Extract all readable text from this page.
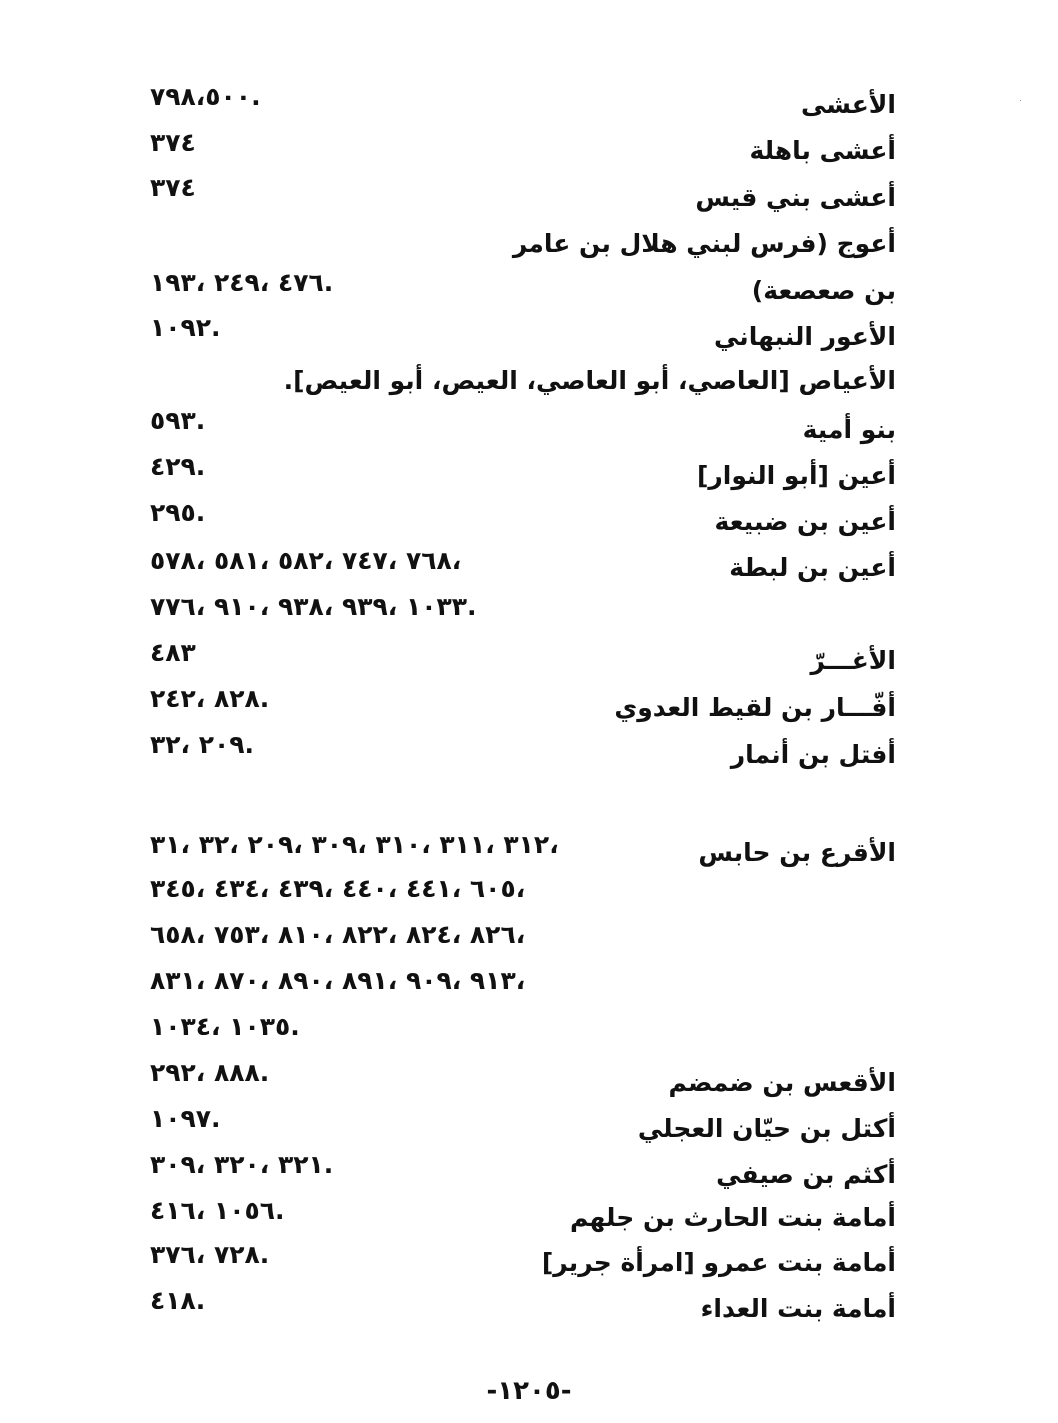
الأعشى
.٧٩٨،٥٠٠
أعشى باهلة
٣٧٤
أعشى بني قيس
٣٧٤
أعوج (فرس لبني هلال بن عامر
بن صعصعة)
.٤٧٦ ،٢٤٩ ،١٩٣
الأعور النبهاني
.١٠٩٢
الأعياص [العاصي، أبو العاصي، العيص، أبو العيص].
بنو أمية
.٥٩٣
أعين [أبو النوار]
.٤٢٩
أعين بن ضبيعة
.٢٩٥
أعين بن لبطة
،٧٦٨ ،٧٤٧ ،٥٨٢ ،٥٨١ ،٥٧٨
.١٠٣٣ ،٩٣٩ ،٩٣٨ ،٩١٠ ،٧٧٦
الأغـــرّ
٤٨٣
أفّـــار بن لقيط العدوي
.٨٢٨ ،٢٤٢
أفتل بن أنمار
.٢٠٩ ،٣٢
الأقرع بن حابس
،٣١٢ ،٣١١ ،٣١٠ ،٣٠٩ ،٢٠٩ ،٣٢ ،٣١
،٦٠٥ ،٤٤١ ،٤٤٠ ،٤٣٩ ،٤٣٤ ،٣٤٥
،٨٢٦ ،٨٢٤ ،٨٢٢ ،٨١٠ ،٧٥٣ ،٦٥٨
،٩١٣ ،٩٠٩ ،٨٩١ ،٨٩٠ ،٨٧٠ ،٨٣١
.١٠٣٥ ،١٠٣٤
الأقعس بن ضمضم
.٨٨٨ ،٢٩٢
أكتل بن حيّان العجلي
.١٠٩٧
أكثم بن صيفي
.٣٢١ ،٣٢٠ ،٣٠٩
أمامة بنت الحارث بن جلهم
.١٠٥٦ ،٤١٦
أمامة بنت عمرو [امرأة جرير]
.٧٢٨ ،٣٧٦
أمامة بنت العداء
.٤١٨
-١٢٠٥-
